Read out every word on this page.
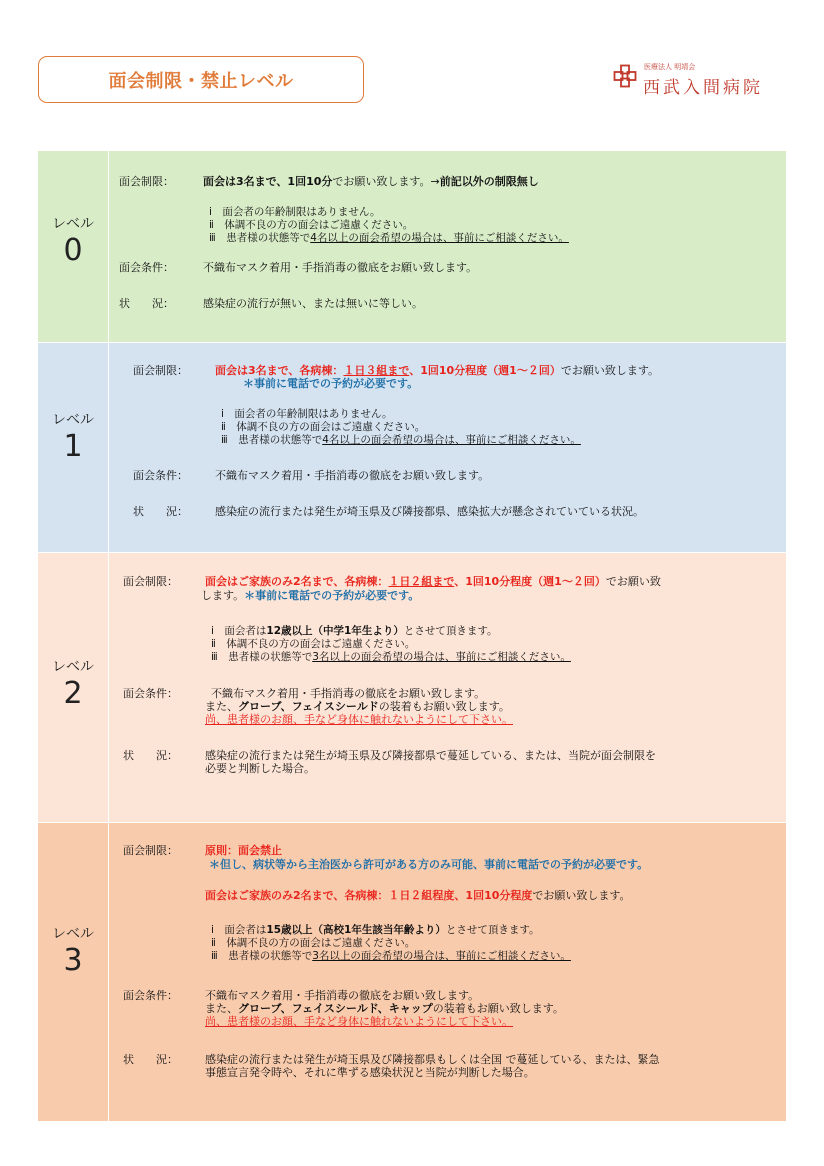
面会制限・禁止レベル
医療法人 明靖会
西武入間病院
レベル
0
面会制限：	面会は3名まで、1回10分でお願い致します。→前記以外の制限無し
ⅰ　面会者の年齢制限はありません。
ⅱ　体調不良の方の面会はご遠慮ください。
ⅲ　患者様の状態等で4名以上の面会希望の場合は、事前にご相談ください。
面会条件：	不織布マスク着用・手指消毒の徹底をお願い致します。
状　　況：	感染症の流行が無い、または無いに等しい。
レベル
1
面会制限： 面会は3名まで、各病棟：１日３組まで、1回10分程度（週1～２回）でお願い致します。
＊事前に電話での予約が必要です。
ⅰ　面会者の年齢制限はありません。
ⅱ　体調不良の方の面会はご遠慮ください。
ⅲ　患者様の状態等で4名以上の面会希望の場合は、事前にご相談ください。
面会条件： 不織布マスク着用・手指消毒の徹底をお願い致します。
状　　況： 感染症の流行または発生が埼玉県及び隣接都県、感染拡大が懸念されていている状況。
レベル
2
面会制限： 面会はご家族のみ2名まで、各病棟：１日２組まで、1回10分程度（週1～２回）でお願い致
します。＊事前に電話での予約が必要です。
ⅰ　面会者は12歳以上（中学1年生より）とさせて頂きます。
ⅱ　体調不良の方の面会はご遠慮ください。
ⅲ　患者様の状態等で3名以上の面会希望の場合は、事前にご相談ください。
面会条件：	不織布マスク着用・手指消毒の徹底をお願い致します。
また、グローブ、フェイスシールドの装着もお願い致します。
尚、患者様のお顔、手など身体に触れないようにして下さい。
状　　況： 感染症の流行または発生が埼玉県及び隣接都県で蔓延している、または、当院が面会制限を
必要と判断した場合。
レベル
3
面会制限： 原則：面会禁止
＊但し、病状等から主治医から許可がある方のみ可能、事前に電話での予約が必要です。
面会はご家族のみ2名まで、各病棟：１日２組程度、1回10分程度でお願い致します。
ⅰ　面会者は15歳以上（高校1年生該当年齢より）とさせて頂きます。
ⅱ　体調不良の方の面会はご遠慮ください。
ⅲ　患者様の状態等で3名以上の面会希望の場合は、事前にご相談ください。
面会条件： 不織布マスク着用・手指消毒の徹底をお願い致します。
また、グローブ、フェイスシールド、キャップの装着もお願い致します。
尚、患者様のお顔、手など身体に触れないようにして下さい。
状　　況： 感染症の流行または発生が埼玉県及び隣接都県もしくは全国 で蔓延している、または、緊急
事態宣言発令時や、それに準ずる感染状況と当院が判断した場合。
